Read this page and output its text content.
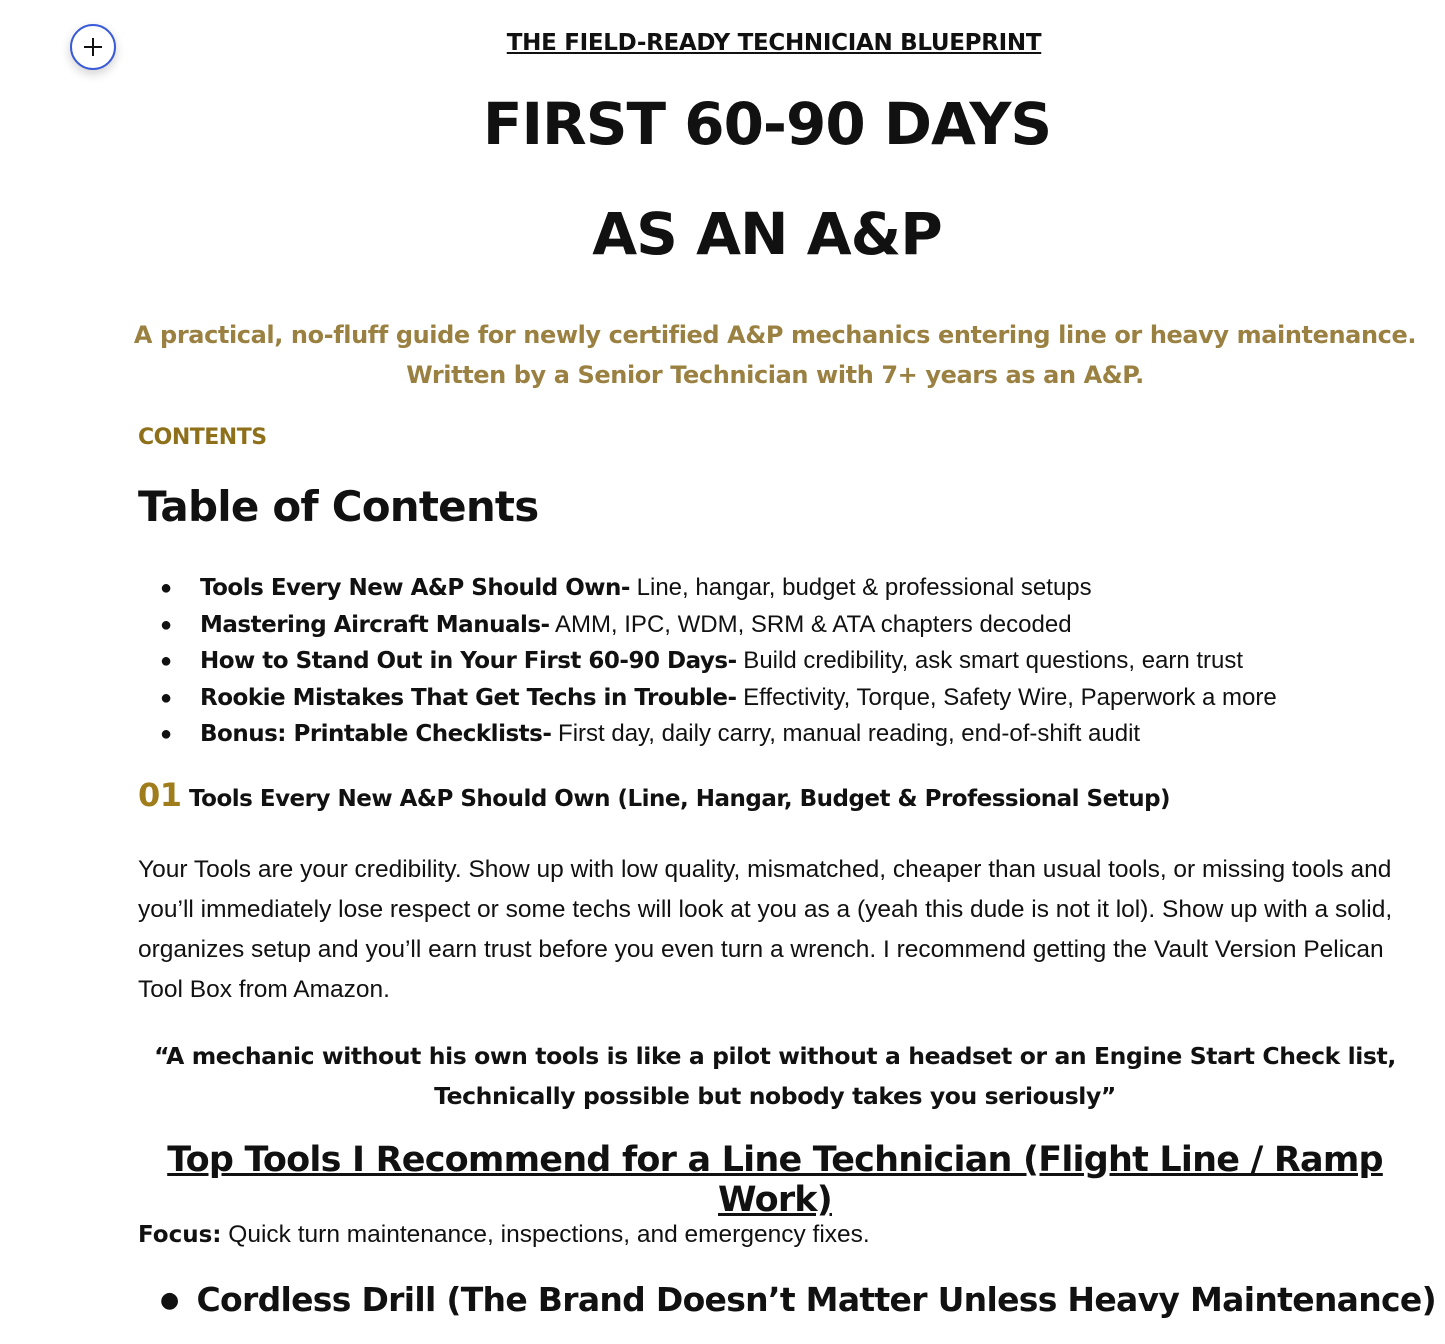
THE FIELD-READY TECHNICIAN BLUEPRINT
FIRST 60-90 DAYS
AS AN A&P
A practical, no-fluff guide for newly certified A&P mechanics entering line or heavy maintenance.
Written by a Senior Technician with 7+ years as an A&P.
CONTENTS
Table of Contents
● Tools Every New A&P Should Own- Line, hangar, budget & professional setups
● Mastering Aircraft Manuals- AMM, IPC, WDM, SRM & ATA chapters decoded
● How to Stand Out in Your First 60-90 Days- Build credibility, ask smart questions, earn trust
● Rookie Mistakes That Get Techs in Trouble- Effectivity, Torque, Safety Wire, Paperwork a more
● Bonus: Printable Checklists- First day, daily carry, manual reading, end-of-shift audit
01 Tools Every New A&P Should Own (Line, Hangar, Budget & Professional Setup)
Your Tools are your credibility. Show up with low quality, mismatched, cheaper than usual tools, or missing tools and you’ll immediately lose respect or some techs will look at you as a (yeah this dude is not it lol). Show up with a solid, organizes setup and you’ll earn trust before you even turn a wrench. I recommend getting the Vault Version Pelican Tool Box from Amazon.
“A mechanic without his own tools is like a pilot without a headset or an Engine Start Check list,
Technically possible but nobody takes you seriously”
Top Tools I Recommend for a Line Technician (Flight Line / Ramp Work)
Focus: Quick turn maintenance, inspections, and emergency fixes.
● Cordless Drill (The Brand Doesn’t Matter Unless Heavy Maintenance)
